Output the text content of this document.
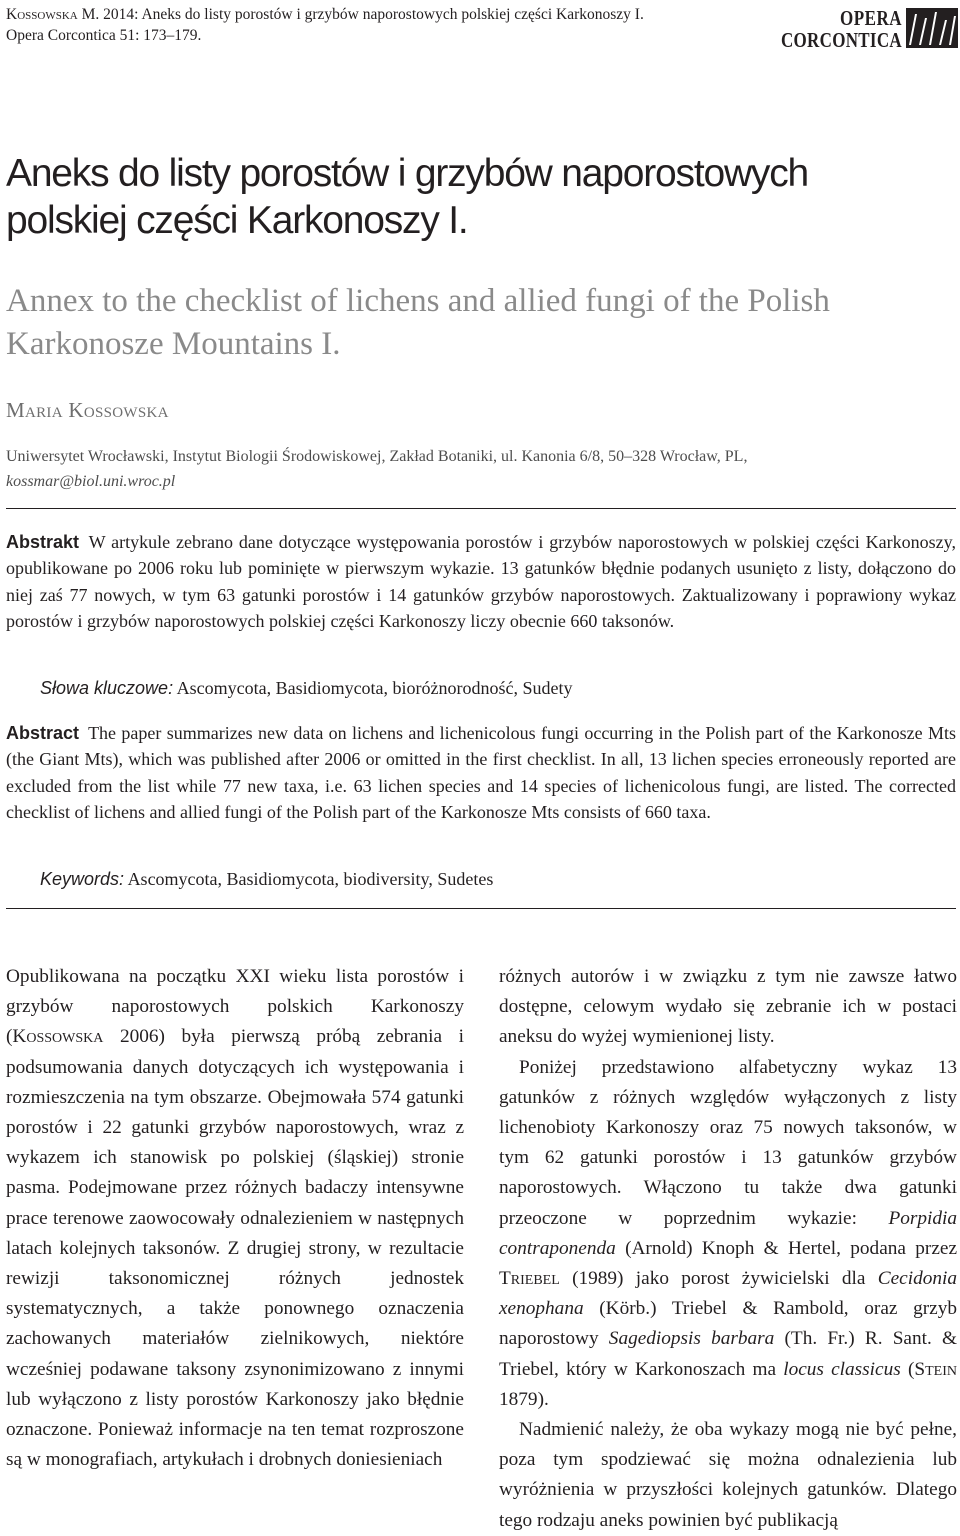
Kossowska M. 2014: Aneks do listy porostów i grzybów naporostowych polskiej części Karkonoszy I.
Opera Corcontica 51: 173–179.
OPERA
CORCONTICA
Aneks do listy porostów i grzybów naporostowych
polskiej części Karkonoszy I.
Annex to the checklist of lichens and allied fungi of the Polish
Karkonosze Mountains I.
Maria Kossowska
Uniwersytet Wrocławski, Instytut Biologii Środowiskowej, Zakład Botaniki, ul. Kanonia 6/8, 50–328 Wrocław, PL,
kossmar@biol.uni.wroc.pl

Abstrakt W artykule zebrano dane dotyczące występowania porostów i grzybów naporostowych w polskiej części Karkonoszy, opublikowane po 2006 roku lub pominięte w pierwszym wykazie. 13 gatunków błędnie podanych usunięto z listy, dołączono do niej zaś 77 nowych, w tym 63 gatunki porostów i 14 gatunków grzybów naporostowych. Zaktualizowany i poprawiony wykaz porostów i grzybów naporostowych polskiej części Karkonoszy liczy obecnie 660 taksonów.

Słowa kluczowe: Ascomycota, Basidiomycota, bioróżnorodność, Sudety

Abstract The paper summarizes new data on lichens and lichenicolous fungi occurring in the Polish part of the Karkonosze Mts (the Giant Mts), which was published after 2006 or omitted in the first checklist. In all, 13 lichen species erroneously reported are excluded from the list while 77 new taxa, i.e. 63 lichen species and 14 species of lichenicolous fungi, are listed. The corrected checklist of lichens and allied fungi of the Polish part of the Karkonosze Mts consists of 660 taxa.

Keywords: Ascomycota, Basidiomycota, biodiversity, Sudetes

Opublikowana na początku XXI wieku lista porostów i grzybów naporostowych polskich Karkonoszy (Kossowska 2006) była pierwszą próbą zebrania i podsumowania danych dotyczących ich występowania i rozmieszczenia na tym obszarze. Obejmowała 574 gatunki porostów i 22 gatunki grzybów naporostowych, wraz z wykazem ich stanowisk po polskiej (śląskiej) stronie pasma. Podejmowane przez różnych badaczy intensywne prace terenowe zaowocowały odnalezieniem w następnych latach kolejnych taksonów. Z drugiej strony, w rezultacie rewizji taksonomicznej różnych jednostek systematycznych, a także ponownego oznaczenia zachowanych materiałów zielnikowych, niektóre wcześniej podawane taksony zsynonimizowano z innymi lub wyłączono z listy porostów Karkonoszy jako błędnie oznaczone. Ponieważ informacje na ten temat rozproszone są w monografiach, artykułach i drobnych doniesieniach

różnych autorów i w związku z tym nie zawsze łatwo dostępne, celowym wydało się zebranie ich w postaci aneksu do wyżej wymienionej listy.

Poniżej przedstawiono alfabetyczny wykaz 13 gatunków z różnych względów wyłączonych z listy lichenobioty Karkonoszy oraz 75 nowych taksonów, w tym 62 gatunki porostów i 13 gatunków grzybów naporostowych. Włączono tu także dwa gatunki przeoczone w poprzednim wykazie: Porpidia contraponenda (Arnold) Knoph & Hertel, podana przez Triebel (1989) jako porost żywicielski dla Cecidonia xenophana (Körb.) Triebel & Rambold, oraz grzyb naporostowy Sagediopsis barbara (Th. Fr.) R. Sant. & Triebel, który w Karkonoszach ma locus classicus (Stein 1879).

Nadmienić należy, że oba wykazy mogą nie być pełne, poza tym spodziewać się można odnalezienia lub wyróżnienia w przyszłości kolejnych gatunków. Dlatego tego rodzaju aneks powinien być publikacją
